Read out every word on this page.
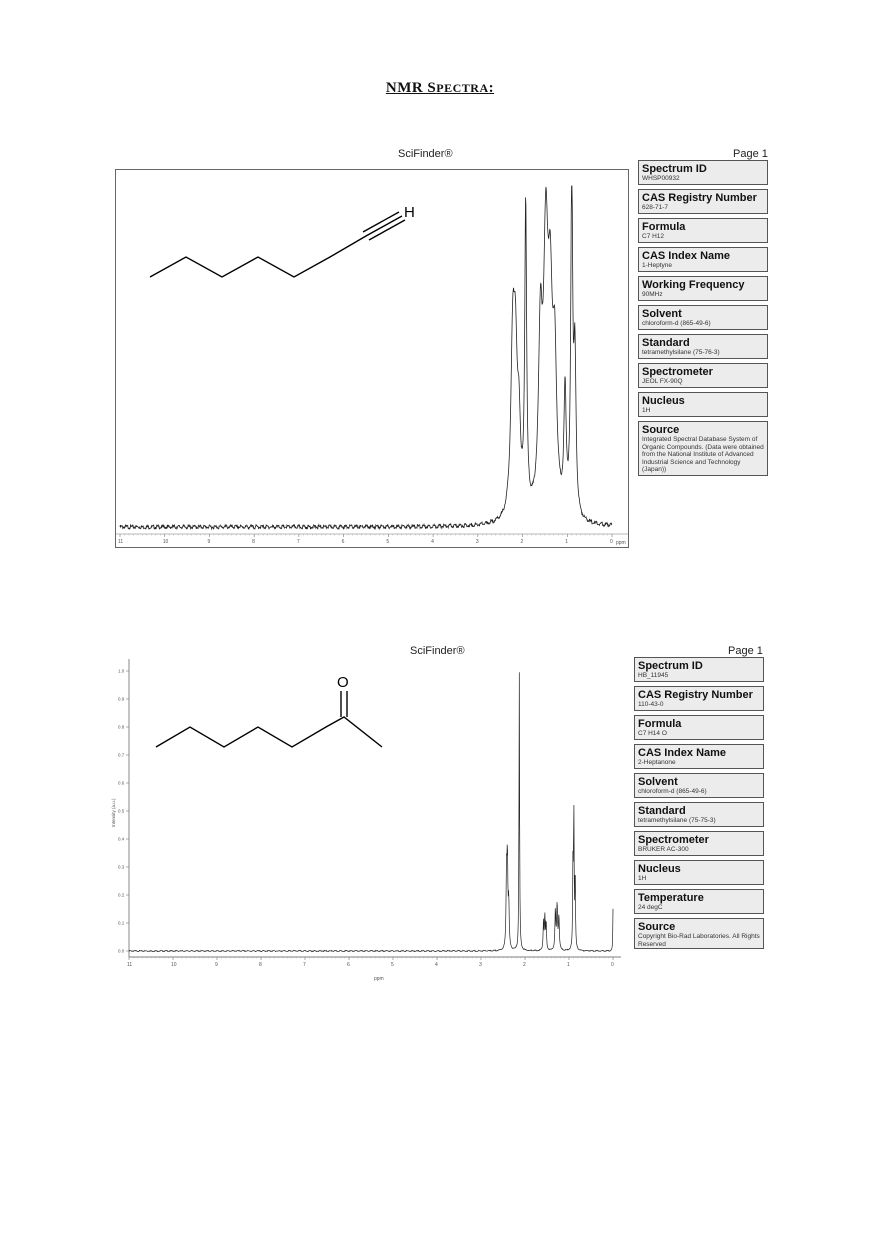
NMR SPECTRA:
SciFinder®	Page 1
H
11	10	9	8	7	6	5	4	3	2	1	0 ppm
Spectrum ID
WHSP00932
CAS Registry Number
628-71-7
Formula
C7 H12
CAS Index Name
1-Heptyne
Working Frequency
90MHz
Solvent
chloroform-d (865-49-6)
Standard
tetramethylsilane (75-76-3)
Spectrometer
JEOL FX-90Q
Nucleus
1H
Source
Integrated Spectral Database System of Organic Compounds. (Data were obtained from the National Institute of Advanced Industrial Science and Technology (Japan))
SciFinder®	Page 1
O
0.0
0.1
0.2
0.3
0.4
0.5
0.6
0.7
0.8
0.9
1.0
Intensity (a.u.)
11	10	9	8	7	6	5	4	3	2	1	0
ppm
Spectrum ID
HB_11945
CAS Registry Number
110-43-0
Formula
C7 H14 O
CAS Index Name
2-Heptanone
Solvent
chloroform-d (865-49-6)
Standard
tetramethylsilane (75-75-3)
Spectrometer
BRUKER AC-300
Nucleus
1H
Temperature
24 degC
Source
Copyright Bio-Rad Laboratories. All Rights Reserved
